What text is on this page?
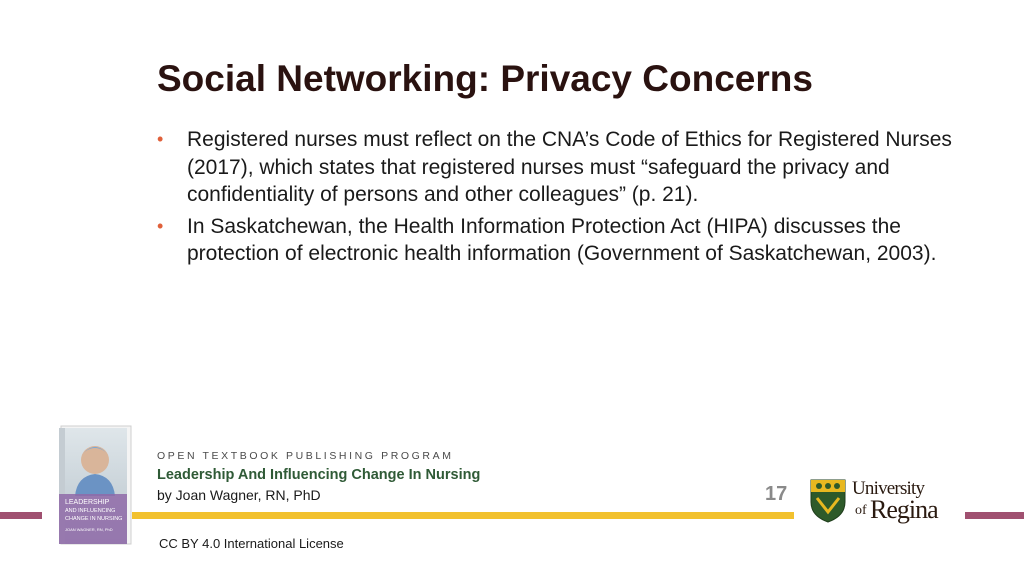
Social Networking: Privacy Concerns
• Registered nurses must reflect on the CNA’s Code of Ethics for Registered Nurses (2017), which states that registered nurses must “safeguard the privacy and confidentiality of persons and other colleagues” (p. 21).
• In Saskatchewan, the Health Information Protection Act (HIPA) discusses the protection of electronic health information (Government of Saskatchewan, 2003).
LEADERSHIP
AND INFLUENCING
CHANGE IN NURSING
JOAN WAGNER, RN, PhD
OPEN TEXTBOOK PUBLISHING PROGRAM
Leadership And Influencing Change In Nursing
by Joan Wagner, RN, PhD
CC BY 4.0 International License
17	University
of Regina
